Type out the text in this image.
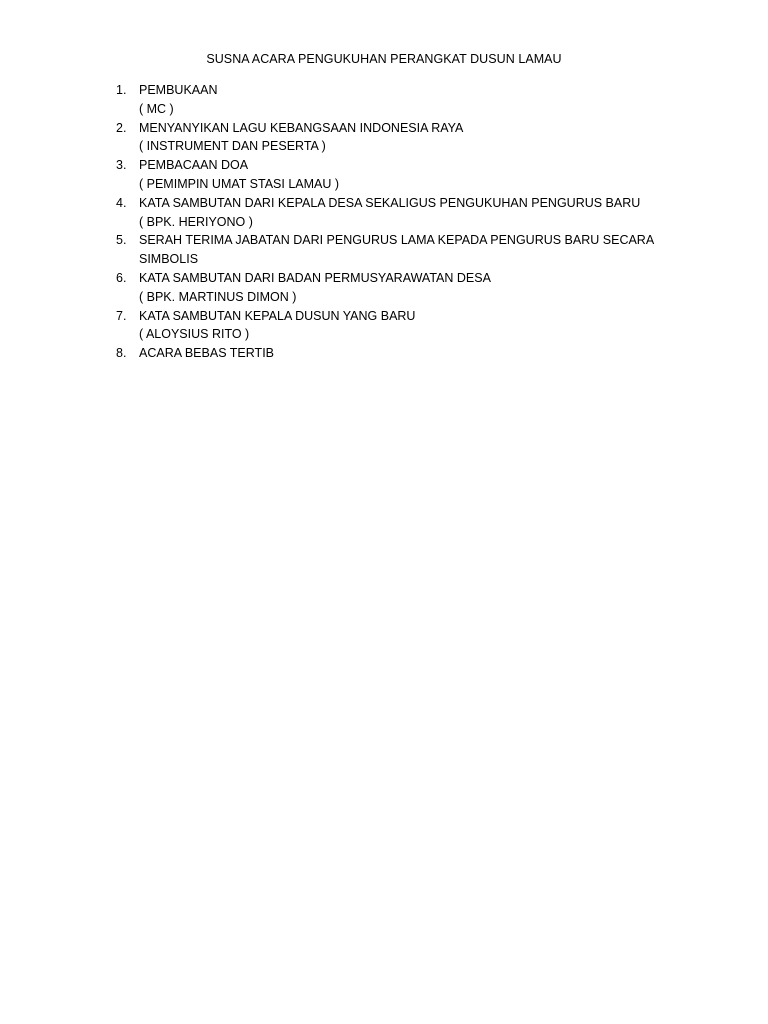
SUSNA ACARA PENGUKUHAN PERANGKAT DUSUN LAMAU
1.	PEMBUKAAN
( MC )
2.	MENYANYIKAN LAGU KEBANGSAAN INDONESIA RAYA
( INSTRUMENT DAN PESERTA )
3.	PEMBACAAN DOA
( PEMIMPIN UMAT STASI LAMAU )
4.	KATA SAMBUTAN DARI KEPALA DESA SEKALIGUS PENGUKUHAN PENGURUS BARU
( BPK. HERIYONO )
5.	SERAH TERIMA JABATAN DARI PENGURUS LAMA KEPADA PENGURUS BARU SECARA
SIMBOLIS
6.	KATA SAMBUTAN DARI BADAN PERMUSYARAWATAN DESA
( BPK. MARTINUS DIMON )
7.	KATA SAMBUTAN KEPALA DUSUN YANG BARU
( ALOYSIUS RITO )
8.	ACARA BEBAS TERTIB
